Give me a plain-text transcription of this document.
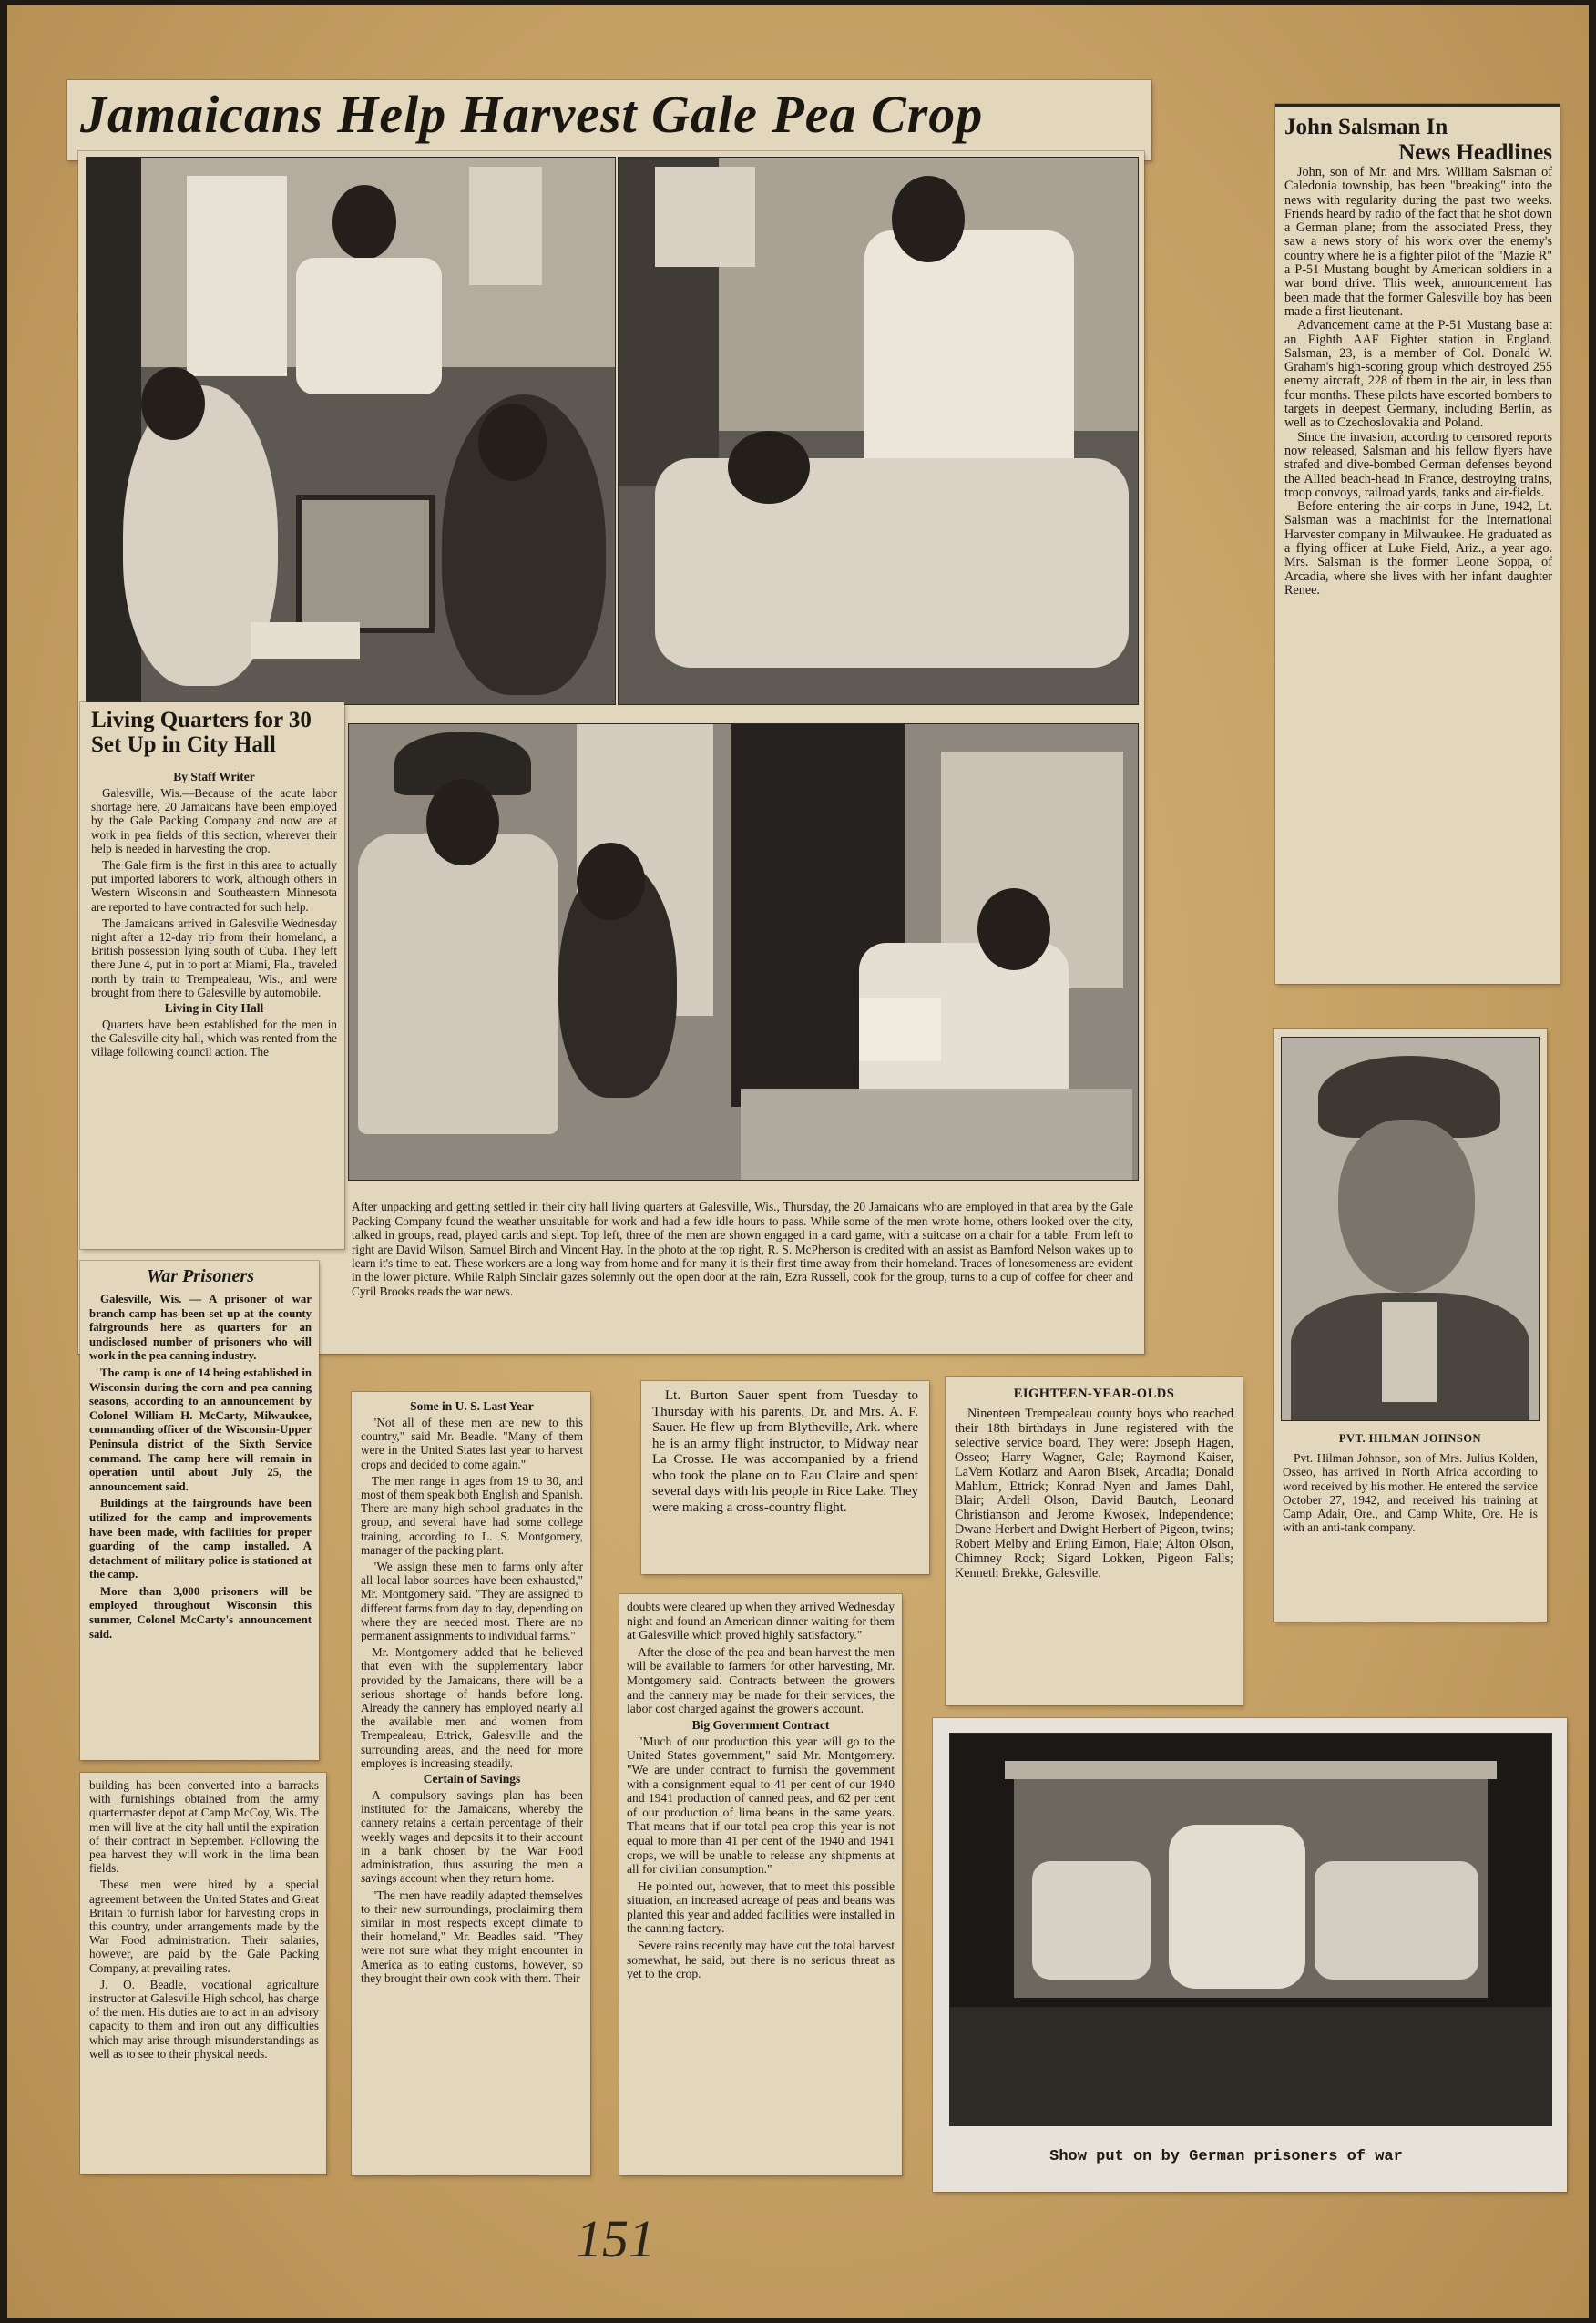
Jamaicans Help Harvest Gale Pea Crop

After unpacking and getting settled in their city hall living quarters at Galesville, Wis., Thursday, the 20 Jamaicans who are employed in that area by the Gale Packing Company found the weather unsuitable for work and had a few idle hours to pass. While some of the men wrote home, others looked over the city, talked in groups, read, played cards and slept. Top left, three of the men are shown engaged in a card game, with a suitcase on a chair for a table. From left to right are David Wilson, Samuel Birch and Vincent Hay. In the photo at the top right, R. S. McPherson is credited with an assist as Barnford Nelson wakes up to learn it's time to eat. These workers are a long way from home and for many it is their first time away from their homeland. Traces of lonesomeness are evident in the lower picture. While Ralph Sinclair gazes solemnly out the open door at the rain, Ezra Russell, cook for the group, turns to a cup of coffee for cheer and Cyril Brooks reads the war news.

Living Quarters for 30 Set Up in City Hall

By Staff Writer

Galesville, Wis.—Because of the acute labor shortage here, 20 Jamaicans have been employed by the Gale Packing Company and now are at work in pea fields of this section, wherever their help is needed in harvesting the crop.

The Gale firm is the first in this area to actually put imported laborers to work, although others in Western Wisconsin and Southeastern Minnesota are reported to have contracted for such help.

The Jamaicans arrived in Galesville Wednesday night after a 12-day trip from their homeland, a British possession lying south of Cuba. They left there June 4, put in to port at Miami, Fla., traveled north by train to Trempealeau, Wis., and were brought from there to Galesville by automobile.

Living in City Hall

Quarters have been established for the men in the Galesville city hall, which was rented from the village following council action. The

War Prisoners

Galesville, Wis. — A prisoner of war branch camp has been set up at the county fairgrounds here as quarters for an undisclosed number of prisoners who will work in the pea canning industry.

The camp is one of 14 being established in Wisconsin during the corn and pea canning seasons, according to an announcement by Colonel William H. McCarty, Milwaukee, commanding officer of the Wisconsin-Upper Peninsula district of the Sixth Service command. The camp here will remain in operation until about July 25, the announcement said.

Buildings at the fairgrounds have been utilized for the camp and improvements have been made, with facilities for proper guarding of the camp installed. A detachment of military police is stationed at the camp.

More than 3,000 prisoners will be employed throughout Wisconsin this summer, Colonel McCarty's announcement said.

building has been converted into a barracks with furnishings obtained from the army quartermaster depot at Camp McCoy, Wis. The men will live at the city hall until the expiration of their contract in September. Following the pea harvest they will work in the lima bean fields.

These men were hired by a special agreement between the United States and Great Britain to furnish labor for harvesting crops in this country, under arrangements made by the War Food administration. Their salaries, however, are paid by the Gale Packing Company, at prevailing rates.

J. O. Beadle, vocational agriculture instructor at Galesville High school, has charge of the men. His duties are to act in an advisory capacity to them and iron out any difficulties which may arise through misunderstandings as well as to see to their physical needs.

Some in U. S. Last Year

"Not all of these men are new to this country," said Mr. Beadle. "Many of them were in the United States last year to harvest crops and decided to come again."

The men range in ages from 19 to 30, and most of them speak both English and Spanish. There are many high school graduates in the group, and several have had some college training, according to L. S. Montgomery, manager of the packing plant.

"We assign these men to farms only after all local labor sources have been exhausted," Mr. Montgomery said. "They are assigned to different farms from day to day, depending on where they are needed most. There are no permanent assignments to individual farms."

Mr. Montgomery added that he believed that even with the supplementary labor provided by the Jamaicans, there will be a serious shortage of hands before long. Already the cannery has employed nearly all the available men and women from Trempealeau, Ettrick, Galesville and the surrounding areas, and the need for more employes is increasing steadily.

Certain of Savings

A compulsory savings plan has been instituted for the Jamaicans, whereby the cannery retains a certain percentage of their weekly wages and deposits it to their account in a bank chosen by the War Food administration, thus assuring the men a savings account when they return home.

"The men have readily adapted themselves to their new surroundings, proclaiming them similar in most respects except climate to their homeland," Mr. Beadles said. "They were not sure what they might encounter in America as to eating customs, however, so they brought their own cook with them. Their

Lt. Burton Sauer spent from Tuesday to Thursday with his parents, Dr. and Mrs. A. F. Sauer. He flew up from Blytheville, Ark. where he is an army flight instructor, to Midway near La Crosse. He was accompanied by a friend who took the plane on to Eau Claire and spent several days with his people in Rice Lake. They were making a cross-country flight.

doubts were cleared up when they arrived Wednesday night and found an American dinner waiting for them at Galesville which proved highly satisfactory."

After the close of the pea and bean harvest the men will be available to farmers for other harvesting, Mr. Montgomery said. Contracts between the growers and the cannery may be made for their services, the labor cost charged against the grower's account.

Big Government Contract

"Much of our production this year will go to the United States government," said Mr. Montgomery. "We are under contract to furnish the government with a consignment equal to 41 per cent of our 1940 and 1941 production of canned peas, and 62 per cent of our production of lima beans in the same years. That means that if our total pea crop this year is not equal to more than 41 per cent of the 1940 and 1941 crops, we will be unable to release any shipments at all for civilian consumption."

He pointed out, however, that to meet this possible situation, an increased acreage of peas and beans was planted this year and added facilities were installed in the canning factory.

Severe rains recently may have cut the total harvest somewhat, he said, but there is no serious threat as yet to the crop.

John Salsman In

News Headlines

John, son of Mr. and Mrs. William Salsman of Caledonia township, has been "breaking" into the news with regularity during the past two weeks. Friends heard by radio of the fact that he shot down a German plane; from the associated Press, they saw a news story of his work over the enemy's country where he is a fighter pilot of the "Mazie R" a P-51 Mustang bought by American soldiers in a war bond drive. This week, announcement has been made that the former Galesville boy has been made a first lieutenant.

Advancement came at the P-51 Mustang base at an Eighth AAF Fighter station in England. Salsman, 23, is a member of Col. Donald W. Graham's high-scoring group which destroyed 255 enemy aircraft, 228 of them in the air, in less than four months. These pilots have escorted bombers to targets in deepest Germany, including Berlin, as well as to Czechoslovakia and Poland.

Since the invasion, accordng to censored reports now released, Salsman and his fellow flyers have strafed and dive-bombed German defenses beyond the Allied beach-head in France, destroying trains, troop convoys, railroad yards, tanks and air-fields.

Before entering the air-corps in June, 1942, Lt. Salsman was a machinist for the International Harvester company in Milwaukee. He graduated as a flying officer at Luke Field, Ariz., a year ago. Mrs. Salsman is the former Leone Soppa, of Arcadia, where she lives with her infant daughter Renee.

PVT. HILMAN JOHNSON

Pvt. Hilman Johnson, son of Mrs. Julius Kolden, Osseo, has arrived in North Africa according to word received by his mother. He entered the service October 27, 1942, and received his training at Camp Adair, Ore., and Camp White, Ore. He is with an anti-tank company.

EIGHTEEN-YEAR-OLDS

Ninenteen Trempealeau county boys who reached their 18th birthdays in June registered with the selective service board. They were: Joseph Hagen, Osseo; Harry Wagner, Gale; Raymond Kaiser, LaVern Kotlarz and Aaron Bisek, Arcadia; Donald Mahlum, Ettrick; Konrad Nyen and James Dahl, Blair; Ardell Olson, David Bautch, Leonard Christianson and Jerome Kwosek, Independence; Dwane Herbert and Dwight Herbert of Pigeon, twins; Robert Melby and Erling Eimon, Hale; Alton Olson, Chimney Rock; Sigard Lokken, Pigeon Falls; Kenneth Brekke, Galesville.

Show put on by German prisoners of war
151
